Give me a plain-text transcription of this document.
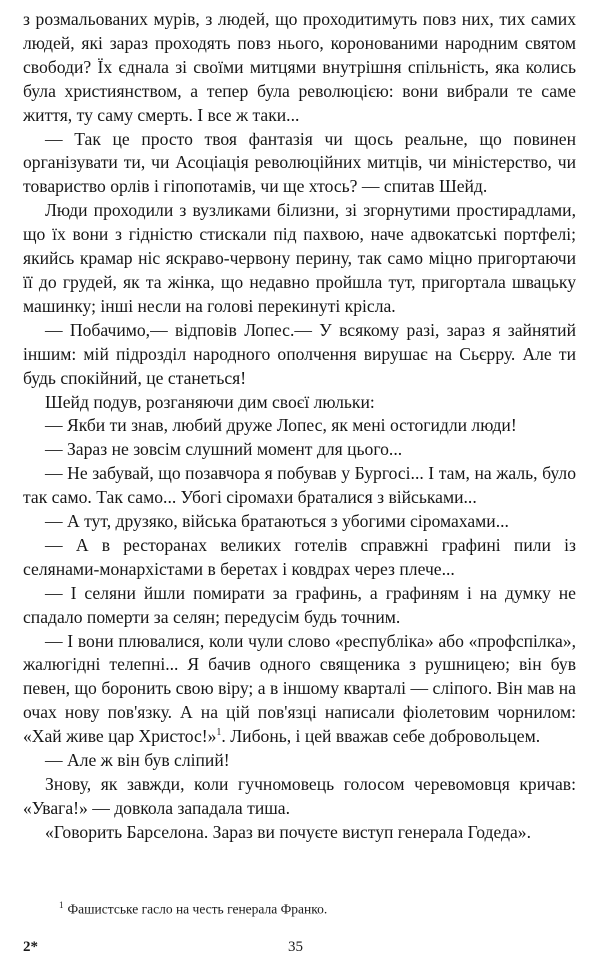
з розмальованих мурів, з людей, що проходитимуть повз них, тих самих людей, які зараз проходять повз нього, коронованими народним святом свободи? Їх єднала зі своїми митцями внутрішня спільність, яка колись була християнством, а тепер була революцією: вони вибрали те саме життя, ту саму смерть. І все ж таки...

— Так це просто твоя фантазія чи щось реальне, що повинен організувати ти, чи Асоціація революційних митців, чи міністерство, чи товариство орлів і гіпопотамів, чи ще хтось? — спитав Шейд.

Люди проходили з вузликами білизни, зі згорнутими простирадлами, що їх вони з гідністю стискали під пахвою, наче адвокатські портфелі; якийсь крамар ніс яскраво-червону перину, так само міцно пригортаючи її до грудей, як та жінка, що недавно пройшла тут, пригортала швацьку машинку; інші несли на голові перекинуті крісла.

— Побачимо,— відповів Лопес.— У всякому разі, зараз я зайнятий іншим: мій підрозділ народного ополчення вирушає на Сьєрру. Але ти будь спокійний, це станеться!

Шейд подув, розганяючи дим своєї люльки:

— Якби ти знав, любий друже Лопес, як мені остогидли люди!

— Зараз не зовсім слушний момент для цього...

— Не забувай, що позавчора я побував у Бургосі... І там, на жаль, було так само. Так само... Убогі сіромахи браталися з військами...

— А тут, друзяко, війська братаються з убогими сіромахами...

— А в ресторанах великих готелів справжні графині пили із селянами-монархістами в беретах і ковдрах через плече...

— І селяни йшли помирати за графинь, а графиням і на думку не спадало померти за селян; передусім будь точним.

— І вони плювалися, коли чули слово «республіка» або «профспілка», жалюгідні телепні... Я бачив одного священика з рушницею; він був певен, що боронить свою віру; а в іншому кварталі — сліпого. Він мав на очах нову пов'язку. А на цій пов'язці написали фіолетовим чорнилом: «Хай живе цар Христос!»$^1$. Либонь, і цей вважав себе добровольцем.

— Але ж він був сліпий!

Знову, як завжди, коли гучномовець голосом черевомовця кричав: «Увага!» — довкола западала тиша.

«Говорить Барселона. Зараз ви почуєте виступ генерала Годеда».

$^1$ Фашистське гасло на честь генерала Франко.
2*	35
